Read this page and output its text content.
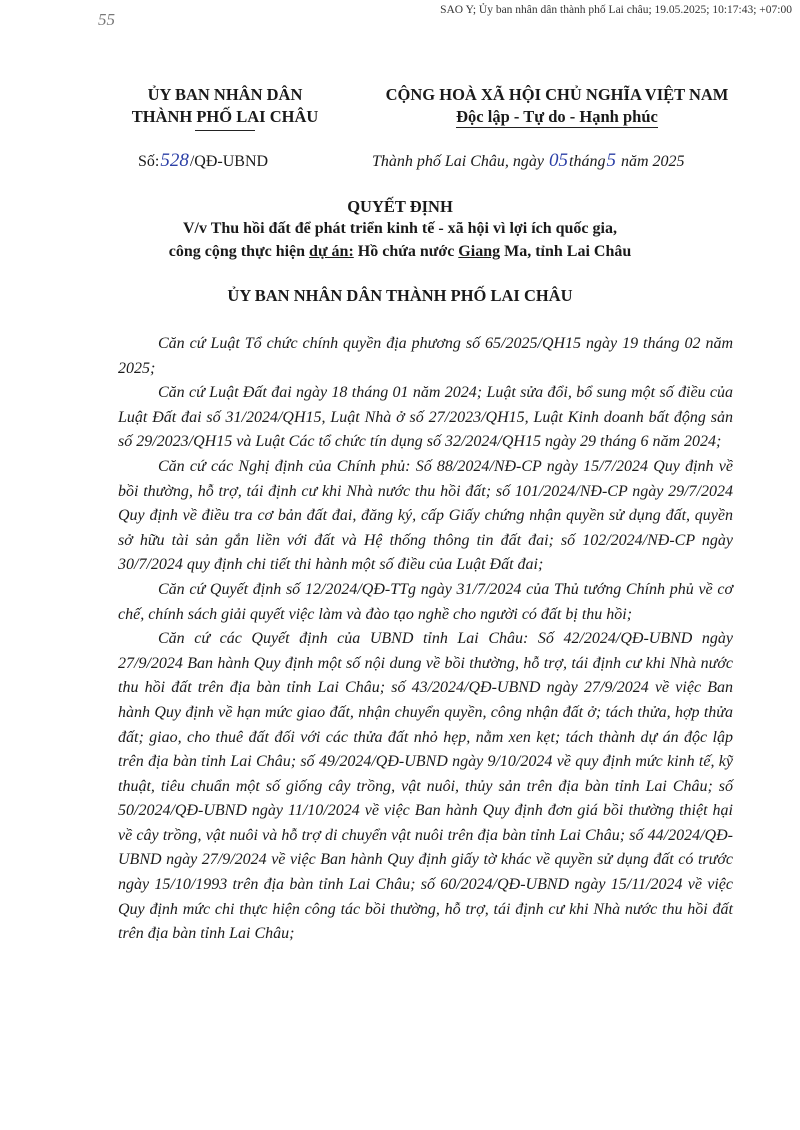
SAO Y; Ủy ban nhân dân thành phố Lai châu; 19.05.2025; 10:17:43; +07:00
55
ỦY BAN NHÂN DÂN
THÀNH PHỐ LAI CHÂU
CỘNG HOÀ XÃ HỘI CHỦ NGHĨA VIỆT NAM
Độc lập - Tự do - Hạnh phúc
Số:528/QĐ-UBND	Thành phố Lai Châu, ngày 05tháng5 năm 2025
QUYẾT ĐỊNH
V/v Thu hồi đất để phát triển kinh tế - xã hội vì lợi ích quốc gia,
công cộng thực hiện dự án: Hồ chứa nước Giang Ma, tỉnh Lai Châu
ỦY BAN NHÂN DÂN THÀNH PHỐ LAI CHÂU

Căn cứ Luật Tổ chức chính quyền địa phương số 65/2025/QH15 ngày 19 tháng 02 năm 2025;

Căn cứ Luật Đất đai ngày 18 tháng 01 năm 2024; Luật sửa đổi, bổ sung một số điều của Luật Đất đai số 31/2024/QH15, Luật Nhà ở số 27/2023/QH15, Luật Kinh doanh bất động sản số 29/2023/QH15 và Luật Các tổ chức tín dụng số 32/2024/QH15 ngày 29 tháng 6 năm 2024;

Căn cứ các Nghị định của Chính phủ: Số 88/2024/NĐ-CP ngày 15/7/2024 Quy định về bồi thường, hỗ trợ, tái định cư khi Nhà nước thu hồi đất; số 101/2024/NĐ-CP ngày 29/7/2024 Quy định về điều tra cơ bản đất đai, đăng ký, cấp Giấy chứng nhận quyền sử dụng đất, quyền sở hữu tài sản gắn liền với đất và Hệ thống thông tin đất đai; số 102/2024/NĐ-CP ngày 30/7/2024 quy định chi tiết thi hành một số điều của Luật Đất đai;

Căn cứ Quyết định số 12/2024/QĐ-TTg ngày 31/7/2024 của Thủ tướng Chính phủ về cơ chế, chính sách giải quyết việc làm và đào tạo nghề cho người có đất bị thu hồi;

Căn cứ các Quyết định của UBND tỉnh Lai Châu: Số 42/2024/QĐ-UBND ngày 27/9/2024 Ban hành Quy định một số nội dung về bồi thường, hỗ trợ, tái định cư khi Nhà nước thu hồi đất trên địa bàn tỉnh Lai Châu; số 43/2024/QĐ-UBND ngày 27/9/2024 về việc Ban hành Quy định về hạn mức giao đất, nhận chuyển quyền, công nhận đất ở; tách thửa, hợp thửa đất; giao, cho thuê đất đối với các thửa đất nhỏ hẹp, nằm xen kẹt; tách thành dự án độc lập trên địa bàn tỉnh Lai Châu; số 49/2024/QĐ-UBND ngày 9/10/2024 về quy định mức kinh tế, kỹ thuật, tiêu chuẩn một số giống cây trồng, vật nuôi, thủy sản trên địa bàn tỉnh Lai Châu; số 50/2024/QĐ-UBND ngày 11/10/2024 về việc Ban hành Quy định đơn giá bồi thường thiệt hại về cây trồng, vật nuôi và hỗ trợ di chuyển vật nuôi trên địa bàn tỉnh Lai Châu; số 44/2024/QĐ-UBND ngày 27/9/2024 về việc Ban hành Quy định giấy tờ khác về quyền sử dụng đất có trước ngày 15/10/1993 trên địa bàn tỉnh Lai Châu; số 60/2024/QĐ-UBND ngày 15/11/2024 về việc Quy định mức chi thực hiện công tác bồi thường, hỗ trợ, tái định cư khi Nhà nước thu hồi đất trên địa bàn tỉnh Lai Châu;
